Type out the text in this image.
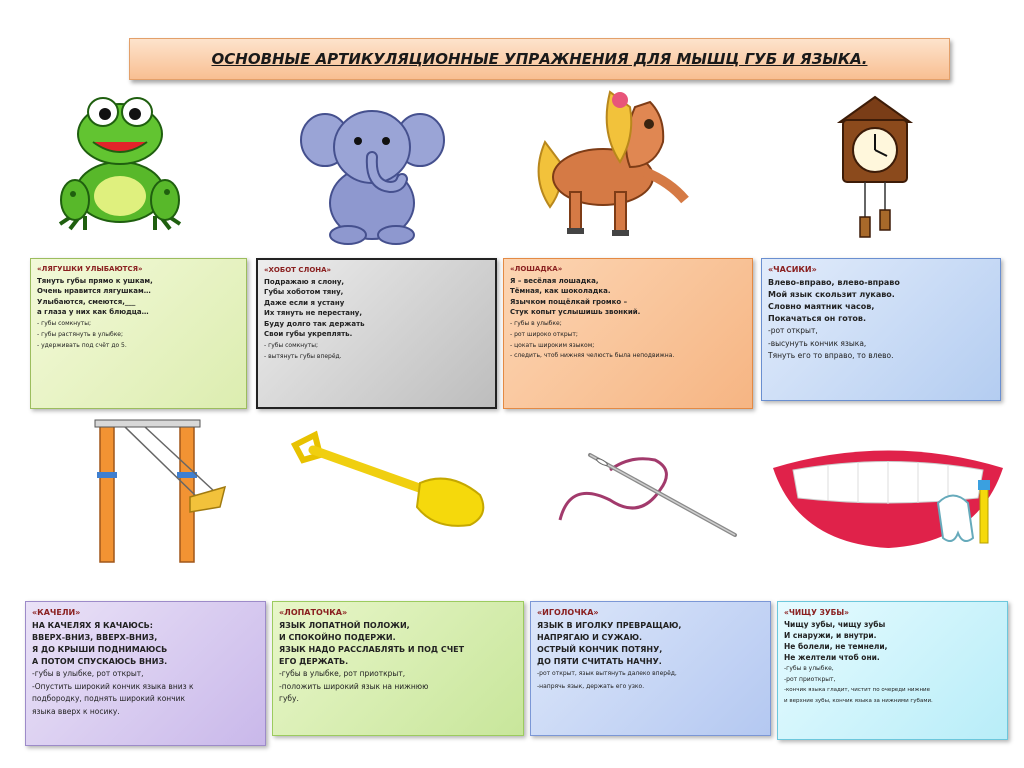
ОСНОВНЫЕ АРТИКУЛЯЦИОННЫЕ УПРАЖНЕНИЯ ДЛЯ МЫШЦ ГУБ И ЯЗЫКА.
«ЛЯГУШКИ УЛЫБАЮТСЯ»
Тянуть губы прямо к ушкам,
Очень нравится лягушкам…
Улыбаются, смеются,___
а глаза у них как блюдца…
- губы сомкнуты;
- губы растянуть в улыбке;
- удерживать под счёт до 5.
«ХОБОТ СЛОНА»
Подражаю я слону,
Губы хоботом тяну,
Даже если я устану
Их тянуть не перестану,
Буду долго так держать
Свои губы укреплять.
- губы сомкнуты;
- вытянуть губы вперёд.
«ЛОШАДКА»
Я – весёлая лошадка,
Тёмная, как шоколадка.
Язычком пощёлкай громко –
Стук копыт услышишь звонкий.
- губы в улыбке;
- рот широко открыт;
- цокать широким языком;
- следить, чтоб нижняя челюсть была неподвижна.
«ЧАСИКИ»
Влево-вправо, влево-вправо
Мой язык скользит лукаво.
Словно маятник часов,
Покачаться он готов.
-рот открыт,
-высунуть кончик языка,
Тянуть его то вправо, то влево.
«КАЧЕЛИ»
НА КАЧЕЛЯХ Я КАЧАЮСЬ:
ВВЕРХ-ВНИЗ, ВВЕРХ-ВНИЗ,
Я ДО КРЫШИ ПОДНИМАЮСЬ
А ПОТОМ СПУСКАЮСЬ ВНИЗ.
-губы в улыбке, рот открыт,
-Опустить широкий кончик языка вниз к
подбородку, поднять широкий кончик
языка вверх к носику.
«ЛОПАТОЧКА»
ЯЗЫК ЛОПАТНОЙ ПОЛОЖИ,
И СПОКОЙНО ПОДЕРЖИ.
ЯЗЫК НАДО РАССЛАБЛЯТЬ И ПОД СЧЕТ
ЕГО ДЕРЖАТЬ.
-губы в улыбке, рот приоткрыт,
-положить широкий язык на нижнюю
губу.
«ИГОЛОЧКА»
ЯЗЫК В ИГОЛКУ ПРЕВРАЩАЮ,
НАПРЯГАЮ И СУЖАЮ.
ОСТРЫЙ КОНЧИК ПОТЯНУ,
ДО ПЯТИ СЧИТАТЬ НАЧНУ.
-рот открыт, язык вытянуть далеко вперёд,
-напрячь язык, держать его узко.
«ЧИЩУ ЗУБЫ»
Чищу зубы, чищу зубы
И снаружи, и внутри.
Не болели, не темнели,
Не желтели чтоб они.
-губы в улыбке,
-рот приоткрыт,
-кончик языка гладит, чистит по очереди нижние
и верхние зубы, кончик языка за нижними губами.
